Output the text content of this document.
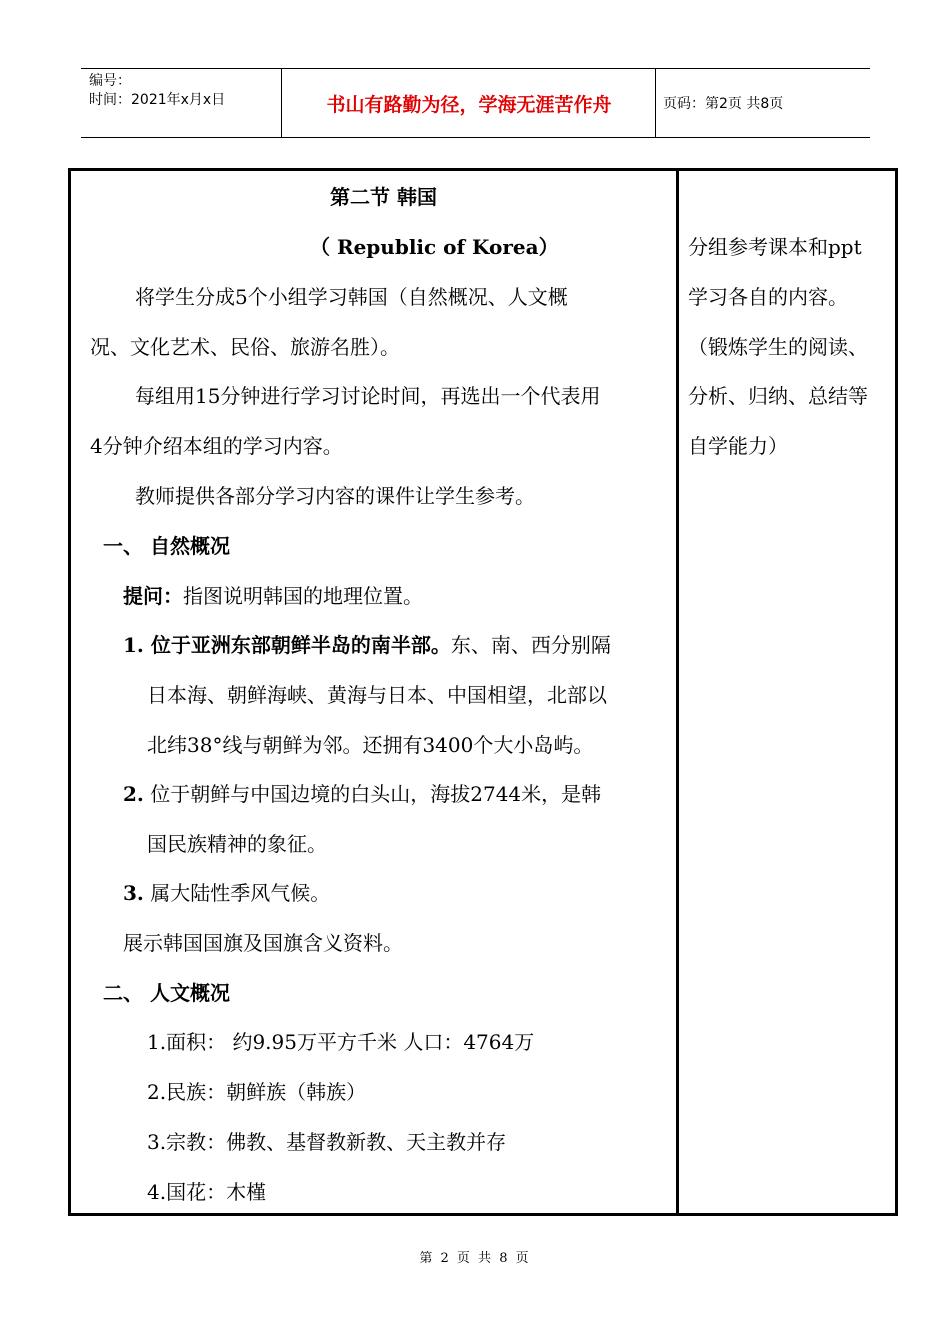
编号：
时间：2021年x月x日	书山有路勤为径，学海无涯苦作舟	页码：第2页 共8页
第二节 韩国
（ Republic of Korea）
将学生分成5个小组学习韩国（自然概况、人文概
况、文化艺术、民俗、旅游名胜）。
每组用15分钟进行学习讨论时间，再选出一个代表用
4分钟介绍本组的学习内容。
教师提供各部分学习内容的课件让学生参考。
一、 自然概况
提问：指图说明韩国的地理位置。
1. 位于亚洲东部朝鲜半岛的南半部。东、南、西分别隔
日本海、朝鲜海峡、黄海与日本、中国相望，北部以
北纬38°线与朝鲜为邻。还拥有3400个大小岛屿。
2. 位于朝鲜与中国边境的白头山，海拔2744米，是韩
国民族精神的象征。
3. 属大陆性季风气候。
展示韩国国旗及国旗含义资料。
二、 人文概况
1.面积： 约9.95万平方千米 人口：4764万
2.民族：朝鲜族（韩族）
3.宗教：佛教、基督教新教、天主教并存
4.国花：木槿
分组参考课本和ppt
学习各自的内容。
（锻炼学生的阅读、
分析、归纳、总结等
自学能力）
第 2 页 共 8 页
